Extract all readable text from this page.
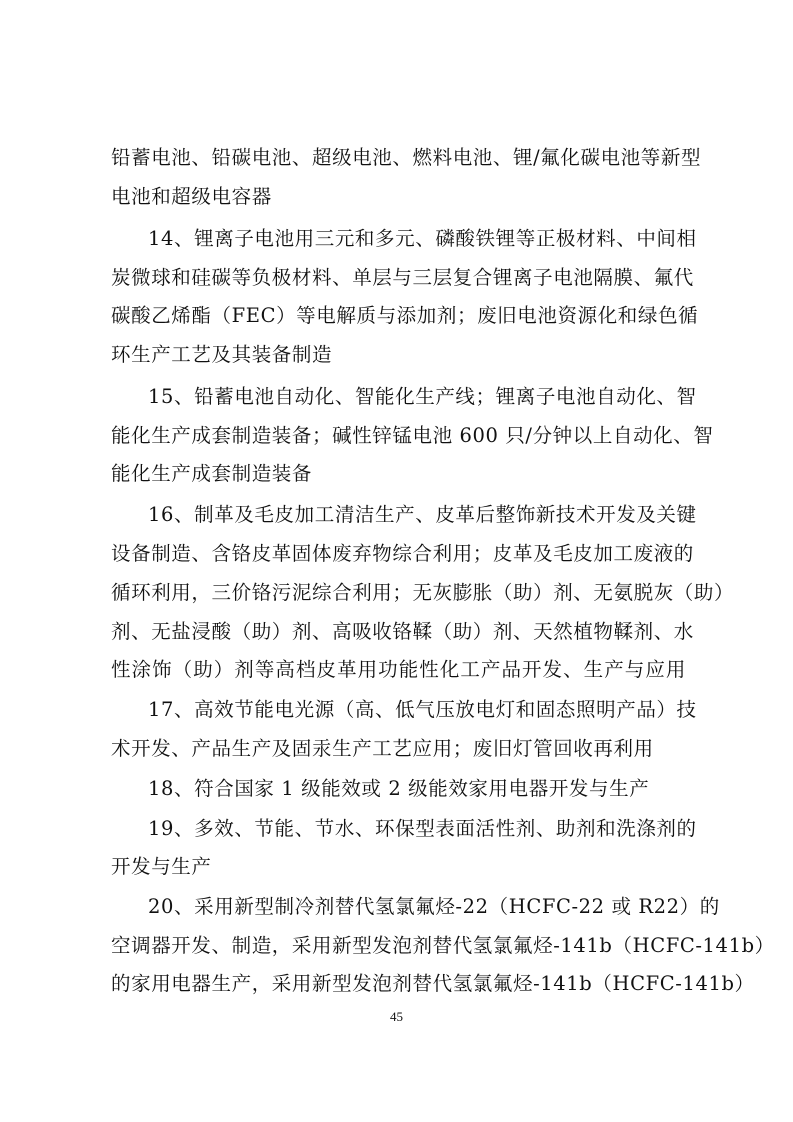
铅蓄电池、铅碳电池、超级电池、燃料电池、锂/氟化碳电池等新型
电池和超级电容器
14、锂离子电池用三元和多元、磷酸铁锂等正极材料、中间相
炭微球和硅碳等负极材料、单层与三层复合锂离子电池隔膜、氟代
碳酸乙烯酯（FEC）等电解质与添加剂；废旧电池资源化和绿色循
环生产工艺及其装备制造
15、铅蓄电池自动化、智能化生产线；锂离子电池自动化、智
能化生产成套制造装备；碱性锌锰电池 600 只/分钟以上自动化、智
能化生产成套制造装备
16、制革及毛皮加工清洁生产、皮革后整饰新技术开发及关键
设备制造、含铬皮革固体废弃物综合利用；皮革及毛皮加工废液的
循环利用，三价铬污泥综合利用；无灰膨胀（助）剂、无氨脱灰（助）
剂、无盐浸酸（助）剂、高吸收铬鞣（助）剂、天然植物鞣剂、水
性涂饰（助）剂等高档皮革用功能性化工产品开发、生产与应用
17、高效节能电光源（高、低气压放电灯和固态照明产品）技
术开发、产品生产及固汞生产工艺应用；废旧灯管回收再利用
18、符合国家 1 级能效或 2 级能效家用电器开发与生产
19、多效、节能、节水、环保型表面活性剂、助剂和洗涤剂的
开发与生产
20、采用新型制冷剂替代氢氯氟烃-22（HCFC-22 或 R22）的
空调器开发、制造，采用新型发泡剂替代氢氯氟烃-141b（HCFC-141b）
的家用电器生产，采用新型发泡剂替代氢氯氟烃-141b（HCFC-141b）
45
